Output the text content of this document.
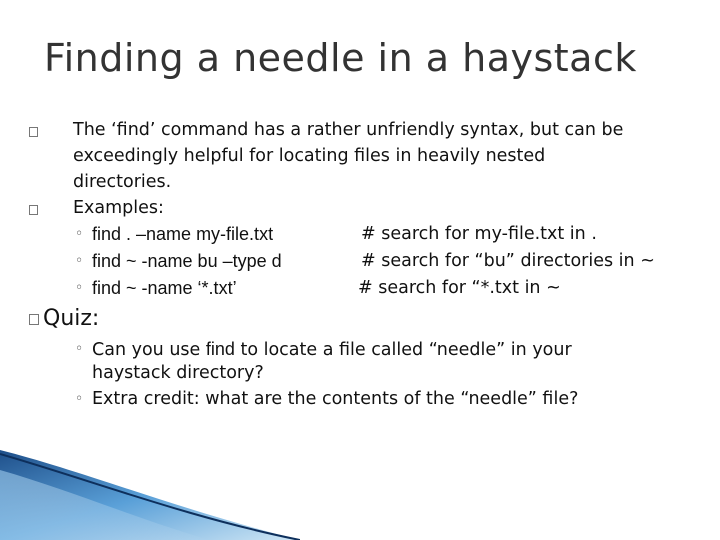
Finding a needle in a haystack
The ‘find’ command has a rather unfriendly syntax, but can be
exceedingly helpful for locating files in heavily nested
directories.
Examples:
◦ find . –name my-file.txt	# search for my-file.txt in .
◦ find ~ -name bu –type d	# search for “bu” directories in ~
◦ find ~ -name ‘*.txt’	# search for “*.txt in ~
Quiz:
◦ Can you use find to locate a file called “needle” in your
haystack directory?
◦ Extra credit: what are the contents of the “needle” file?
